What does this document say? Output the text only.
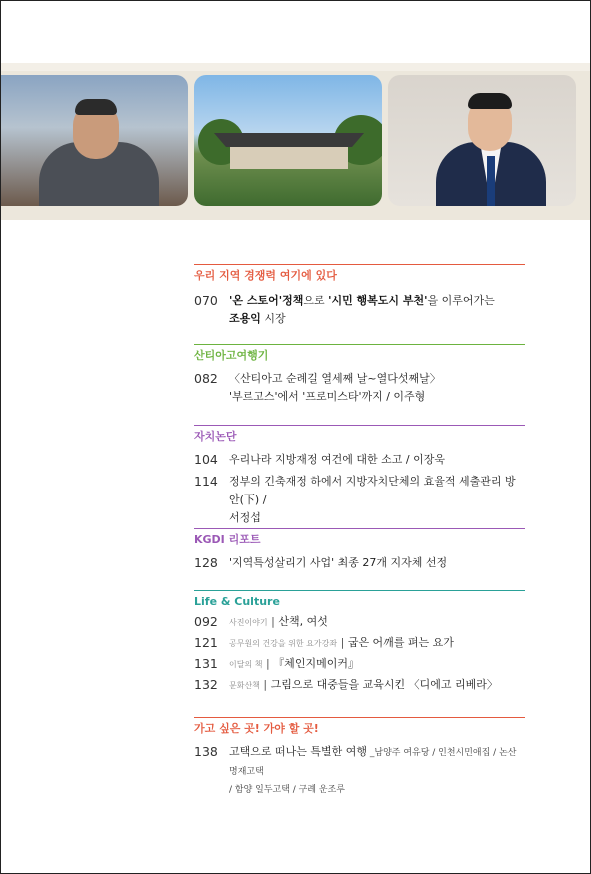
우리 지역 경쟁력 여기에 있다
070	'온 스토어'정책으로 '시민 행복도시 부천'을 이루어가는
조용익 시장
산티아고여행기
082	〈산티아고 순례길 열세째 날~열다섯째날〉
'부르고스'에서 '프로미스타'까지 / 이주형
자치논단
104	우리나라 지방재정 여건에 대한 소고 / 이장욱
114	정부의 긴축재정 하에서 지방자치단체의 효율적 세출관리 방안(下) /
서정섭
KGDI 리포트
128	'지역특성살리기 사업' 최종 27개 지자체 선정
Life & Culture
092	사진이야기 | 산책, 여섯
121	공무원의 건강을 위한 요가강좌 | 굽은 어깨를 펴는 요가
131	이달의 책 | 『체인지메이커』
132	문화산책 | 그림으로 대중들을 교육시킨 〈디에고 리베라〉
가고 싶은 곳! 가야 할 곳!
138	고택으로 떠나는 특별한 여행 _남양주 여유당 / 인천시민애집 / 논산 명재고택
/ 함양 일두고택 / 구례 운조루
